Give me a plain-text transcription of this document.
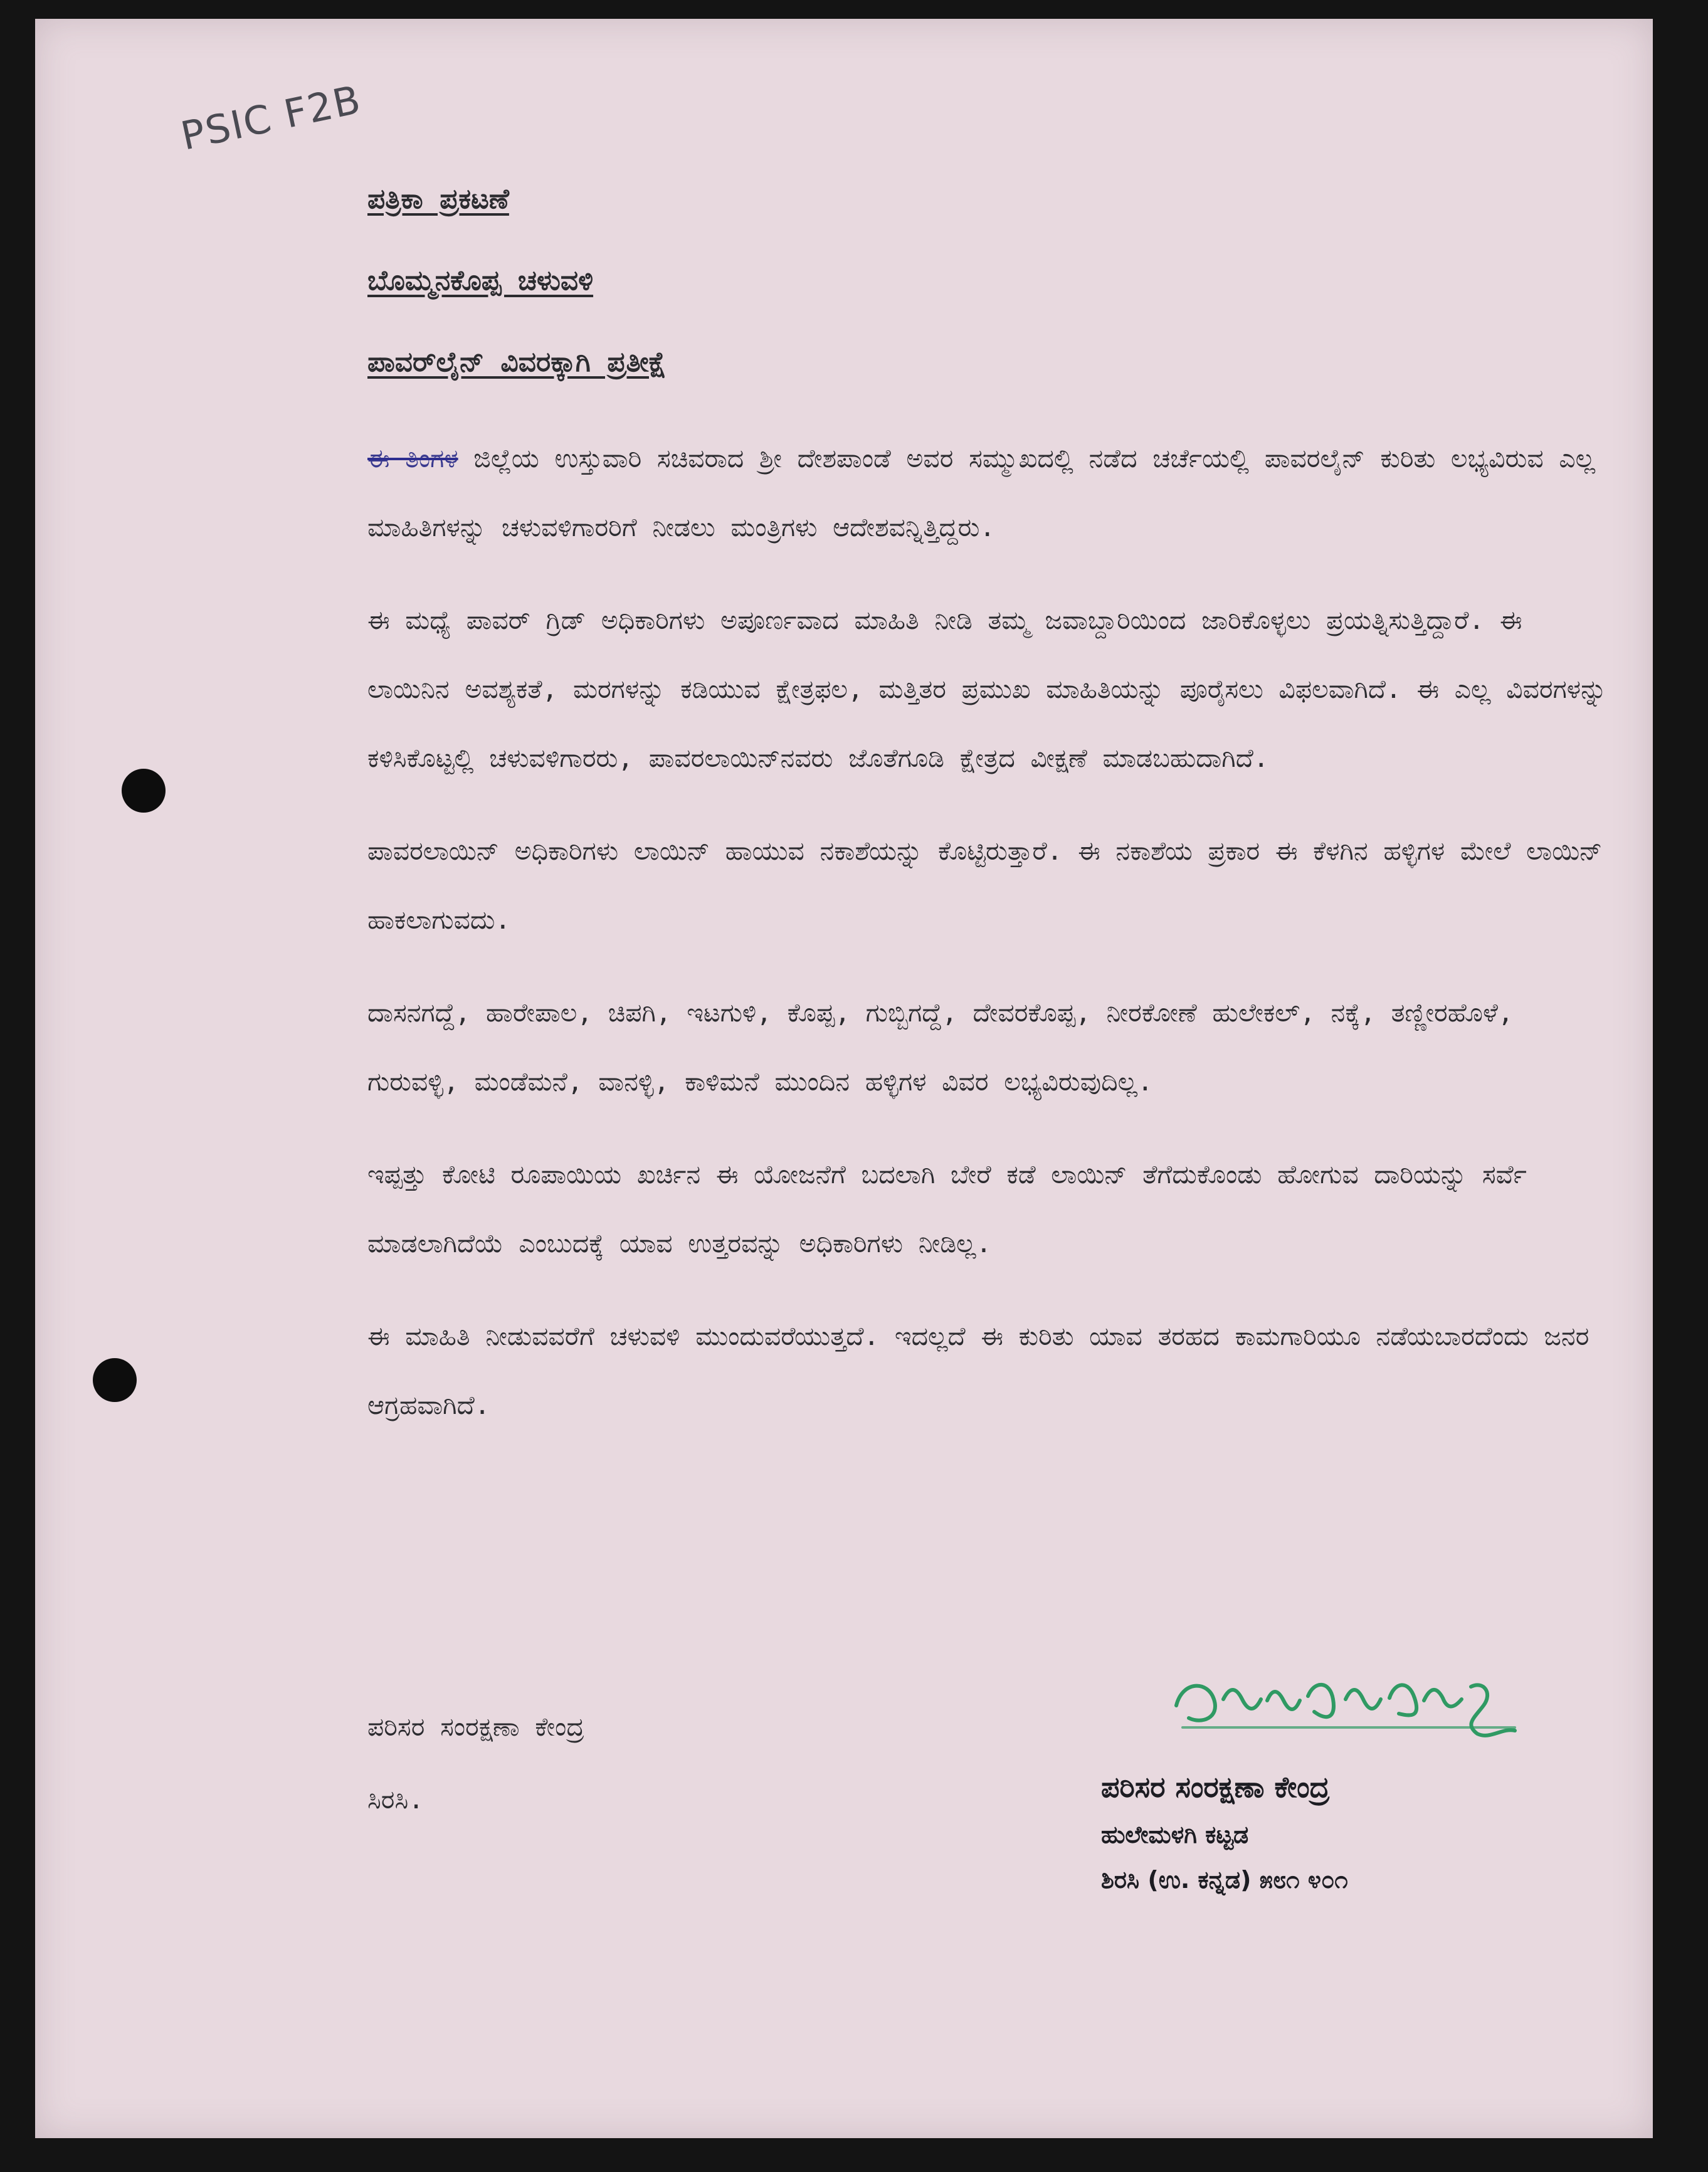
PSIC F2B
ಪತ್ರಿಕಾ ಪ್ರಕಟಣೆ
ಬೊಮ್ಮನಕೊಪ್ಪ ಚಳುವಳಿ
ಪಾವರ್‌ಲೈನ್ ವಿವರಕ್ಕಾಗಿ ಪ್ರತೀಕ್ಷೆ

ಈ ತಿಂಗಳ ಜಿಲ್ಲೆಯ ಉಸ್ತುವಾರಿ ಸಚಿವರಾದ ಶ್ರೀ ದೇಶಪಾಂಡೆ ಅವರ ಸಮ್ಮುಖದಲ್ಲಿ ನಡೆದ ಚರ್ಚೆಯಲ್ಲಿ ಪಾವರಲೈನ್ ಕುರಿತು ಲಭ್ಯವಿರುವ ಎಲ್ಲ ಮಾಹಿತಿಗಳನ್ನು ಚಳುವಳಿಗಾರರಿಗೆ ನೀಡಲು ಮಂತ್ರಿಗಳು ಆದೇಶವನ್ನಿತ್ತಿದ್ದರು.

ಈ ಮಧ್ಯೆ ಪಾವರ್ ಗ್ರಿಡ್ ಅಧಿಕಾರಿಗಳು ಅಪೂರ್ಣವಾದ ಮಾಹಿತಿ ನೀಡಿ ತಮ್ಮ ಜವಾಬ್ದಾರಿಯಿಂದ ಜಾರಿಕೊಳ್ಳಲು ಪ್ರಯತ್ನಿಸುತ್ತಿದ್ದಾರೆ. ಈ ಲಾಯಿನಿನ ಅವಶ್ಯಕತೆ, ಮರಗಳನ್ನು ಕಡಿಯುವ ಕ್ಷೇತ್ರಫಲ, ಮತ್ತಿತರ ಪ್ರಮುಖ ಮಾಹಿತಿಯನ್ನು ಪೂರೈಸಲು ವಿಫಲವಾಗಿದೆ. ಈ ಎಲ್ಲ ವಿವರಗಳನ್ನು ಕಳಿಸಿಕೊಟ್ಟಲ್ಲಿ ಚಳುವಳಿಗಾರರು, ಪಾವರಲಾಯಿನ್‌ನವರು ಜೊತೆಗೂಡಿ ಕ್ಷೇತ್ರದ ವೀಕ್ಷಣೆ ಮಾಡಬಹುದಾಗಿದೆ.

ಪಾವರಲಾಯಿನ್ ಅಧಿಕಾರಿಗಳು ಲಾಯಿನ್ ಹಾಯುವ ನಕಾಶೆಯನ್ನು ಕೊಟ್ಟಿರುತ್ತಾರೆ. ಈ ನಕಾಶೆಯ ಪ್ರಕಾರ ಈ ಕೆಳಗಿನ ಹಳ್ಳಿಗಳ ಮೇಲೆ ಲಾಯಿನ್ ಹಾಕಲಾಗುವದು.

ದಾಸನಗದ್ದೆ, ಹಾರೇಪಾಲ, ಚಿಪಗಿ, ಇಟಗುಳಿ, ಕೊಪ್ಪ, ಗುಬ್ಬಿಗದ್ದೆ, ದೇವರಕೊಪ್ಪ, ನೀರಕೋಣೆ ಹುಲೇಕಲ್, ನಕ್ಕೆ, ತಣ್ಣೀರಹೊಳೆ, ಗುರುವಳ್ಳಿ, ಮಂಡೆಮನೆ, ವಾನಳ್ಳಿ, ಕಾಳಿಮನೆ ಮುಂದಿನ ಹಳ್ಳಿಗಳ ವಿವರ ಲಭ್ಯವಿರುವುದಿಲ್ಲ.

ಇಪ್ಪತ್ತು ಕೋಟಿ ರೂಪಾಯಿಯ ಖರ್ಚಿನ ಈ ಯೋಜನೆಗೆ ಬದಲಾಗಿ ಬೇರೆ ಕಡೆ ಲಾಯಿನ್ ತೆಗೆದುಕೊಂಡು ಹೋಗುವ ದಾರಿಯನ್ನು ಸರ್ವೆ ಮಾಡಲಾಗಿದೆಯೆ ಎಂಬುದಕ್ಕೆ ಯಾವ ಉತ್ತರವನ್ನು ಅಧಿಕಾರಿಗಳು ನೀಡಿಲ್ಲ.

ಈ ಮಾಹಿತಿ ನೀಡುವವರೆಗೆ ಚಳುವಳಿ ಮುಂದುವರೆಯುತ್ತದೆ. ಇದಲ್ಲದೆ ಈ ಕುರಿತು ಯಾವ ತರಹದ ಕಾಮಗಾರಿಯೂ ನಡೆಯಬಾರದೆಂದು ಜನರ ಆಗ್ರಹವಾಗಿದೆ.

ಪರಿಸರ ಸಂರಕ್ಷಣಾ ಕೇಂದ್ರ
ಸಿರಸಿ.	ಪರಿಸರ ಸಂರಕ್ಷಣಾ ಕೇಂದ್ರ
ಹುಲೇಮಳಗಿ ಕಟ್ಟಡ
ಶಿರಸಿ (ಉ. ಕನ್ನಡ) ೫೮೧ ೪೦೧
